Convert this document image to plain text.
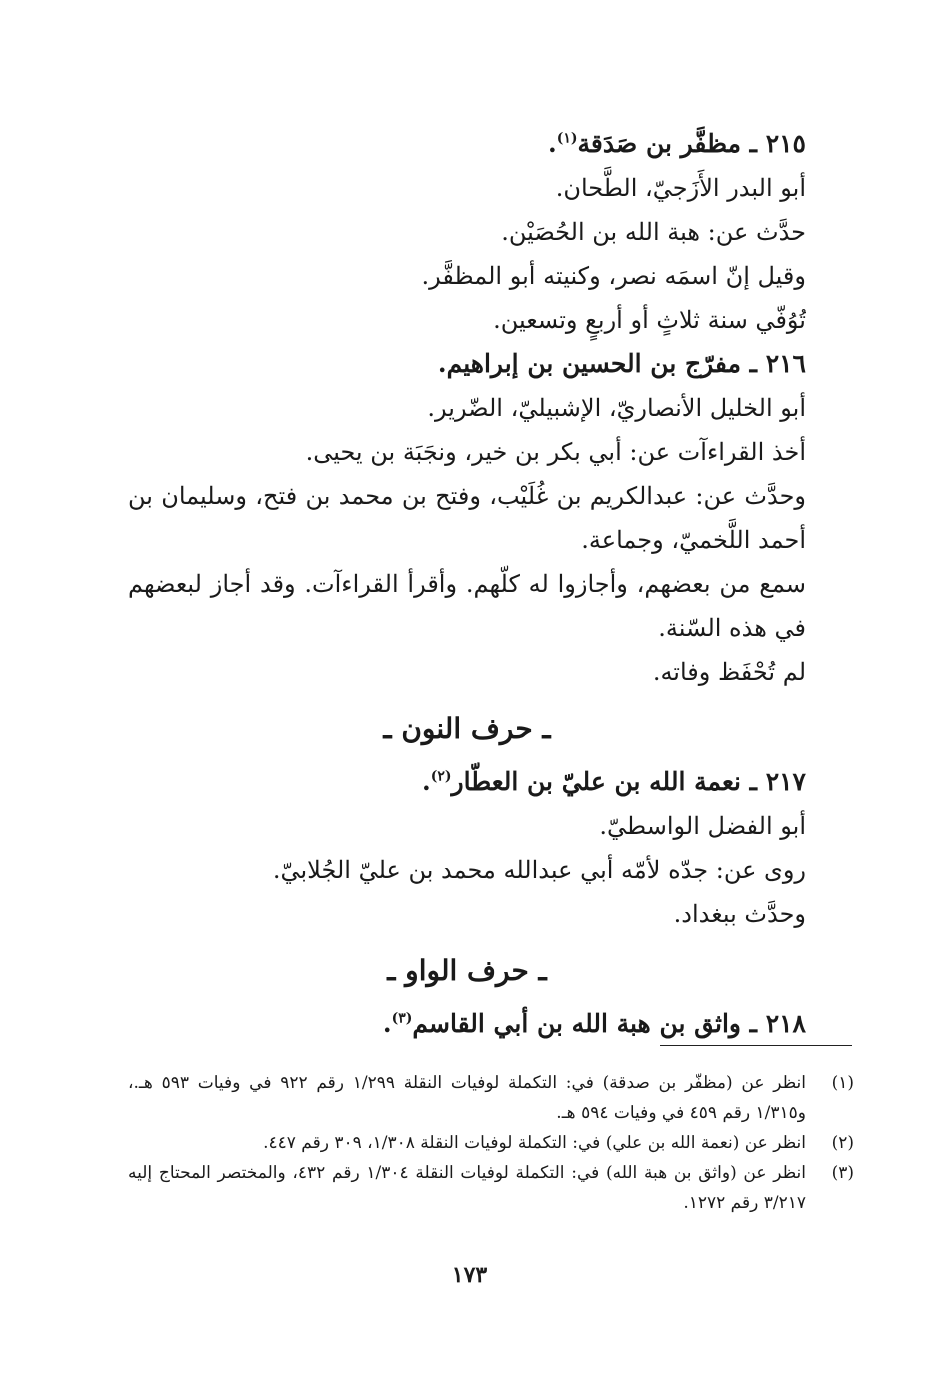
٢١٥ ـ مظفَّر بن صَدَقة$^{(١)}$.
أبو البدر الأَزَجيّ، الطَّحان.
حدَّث عن: هبة الله بن الحُصَيْن.
وقيل إنّ اسمَه نصر، وكنيته أبو المظفَّر.
تُوُفّي سنة ثلاثٍ أو أربعٍ وتسعين.
٢١٦ ـ مفرّج بن الحسين بن إبراهيم.
أبو الخليل الأنصاريّ، الإشبيليّ، الضّرير.
أخذ القراءآت عن: أبي بكر بن خير، ونجَبَة بن يحيى.
وحدَّث عن: عبدالكريم بن غُلَيْب، وفتح بن محمد بن فتح، وسليمان بن أحمد اللَّخميّ، وجماعة.
سمع من بعضهم، وأجازوا له كلّهم. وأقرأ القراءآت. وقد أجاز لبعضهم في هذه السّنة.
لم تُحْفَظ وفاته.
ـ حرف النون ـ
٢١٧ ـ نعمة الله بن عليّ بن العطّار$^{(٢)}$.
أبو الفضل الواسطيّ.
روى عن: جدّه لأمّه أبي عبدالله محمد بن عليّ الجُلابيّ.
وحدَّث ببغداد.
ـ حرف الواو ـ
٢١٨ ـ واثق بن هبة الله بن أبي القاسم$^{(٣)}$.
(١)
انظر عن (مظفّر بن صدقة) في: التكملة لوفيات النقلة ١/٢٩٩ رقم ٩٢٢ في وفيات ٥٩٣ هـ.، و١/٣١٥ رقم ٤٥٩ في وفيات ٥٩٤ هـ.
(٢)
انظر عن (نعمة الله بن علي) في: التكملة لوفيات النقلة ١/٣٠٨، ٣٠٩ رقم ٤٤٧.
(٣)
انظر عن (واثق بن هبة الله) في: التكملة لوفيات النقلة ١/٣٠٤ رقم ٤٣٢، والمختصر المحتاج إليه ٣/٢١٧ رقم ١٢٧٢.
١٧٣
